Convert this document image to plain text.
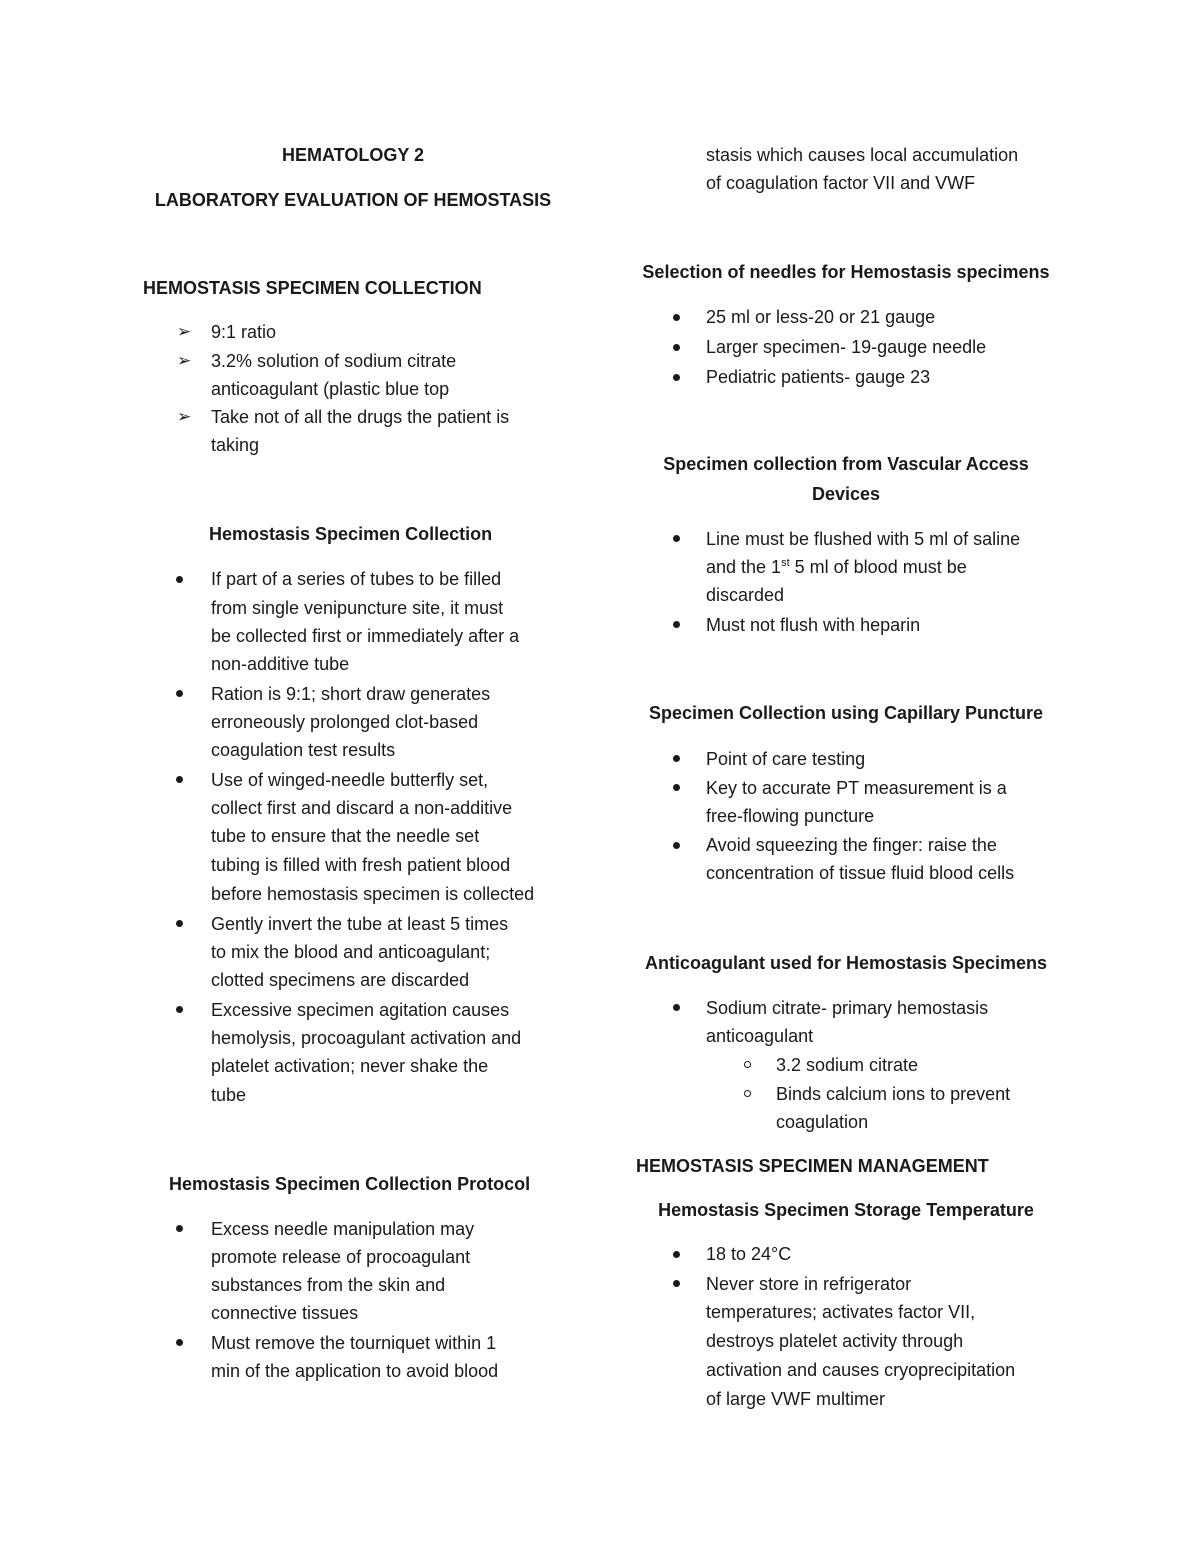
HEMATOLOGY 2
LABORATORY EVALUATION OF HEMOSTASIS
HEMOSTASIS SPECIMEN COLLECTION
➢ 9:1 ratio
➢ 3.2% solution of sodium citrate
anticoagulant (plastic blue top
➢ Take not of all the drugs the patient is
taking
Hemostasis Specimen Collection
If part of a series of tubes to be filled
from single venipuncture site, it must
be collected first or immediately after a
non-additive tube
Ration is 9:1; short draw generates
erroneously prolonged clot-based
coagulation test results
Use of winged-needle butterfly set,
collect first and discard a non-additive
tube to ensure that the needle set
tubing is filled with fresh patient blood
before hemostasis specimen is collected
Gently invert the tube at least 5 times
to mix the blood and anticoagulant;
clotted specimens are discarded
Excessive specimen agitation causes
hemolysis, procoagulant activation and
platelet activation; never shake the
tube
Hemostasis Specimen Collection Protocol
Excess needle manipulation may
promote release of procoagulant
substances from the skin and
connective tissues
Must remove the tourniquet within 1
min of the application to avoid blood
stasis which causes local accumulation
of coagulation factor VII and VWF
Selection of needles for Hemostasis specimens
25 ml or less-20 or 21 gauge
Larger specimen- 19-gauge needle
Pediatric patients- gauge 23
Specimen collection from Vascular Access
Devices
Line must be flushed with 5 ml of saline
and the 1st 5 ml of blood must be
discarded
Must not flush with heparin
Specimen Collection using Capillary Puncture
Point of care testing
Key to accurate PT measurement is a
free-flowing puncture
Avoid squeezing the finger: raise the
concentration of tissue fluid blood cells
Anticoagulant used for Hemostasis Specimens
Sodium citrate- primary hemostasis
anticoagulant
3.2 sodium citrate
Binds calcium ions to prevent
coagulation
HEMOSTASIS SPECIMEN MANAGEMENT
Hemostasis Specimen Storage Temperature
18 to 24°C
Never store in refrigerator
temperatures; activates factor VII,
destroys platelet activity through
activation and causes cryoprecipitation
of large VWF multimer
